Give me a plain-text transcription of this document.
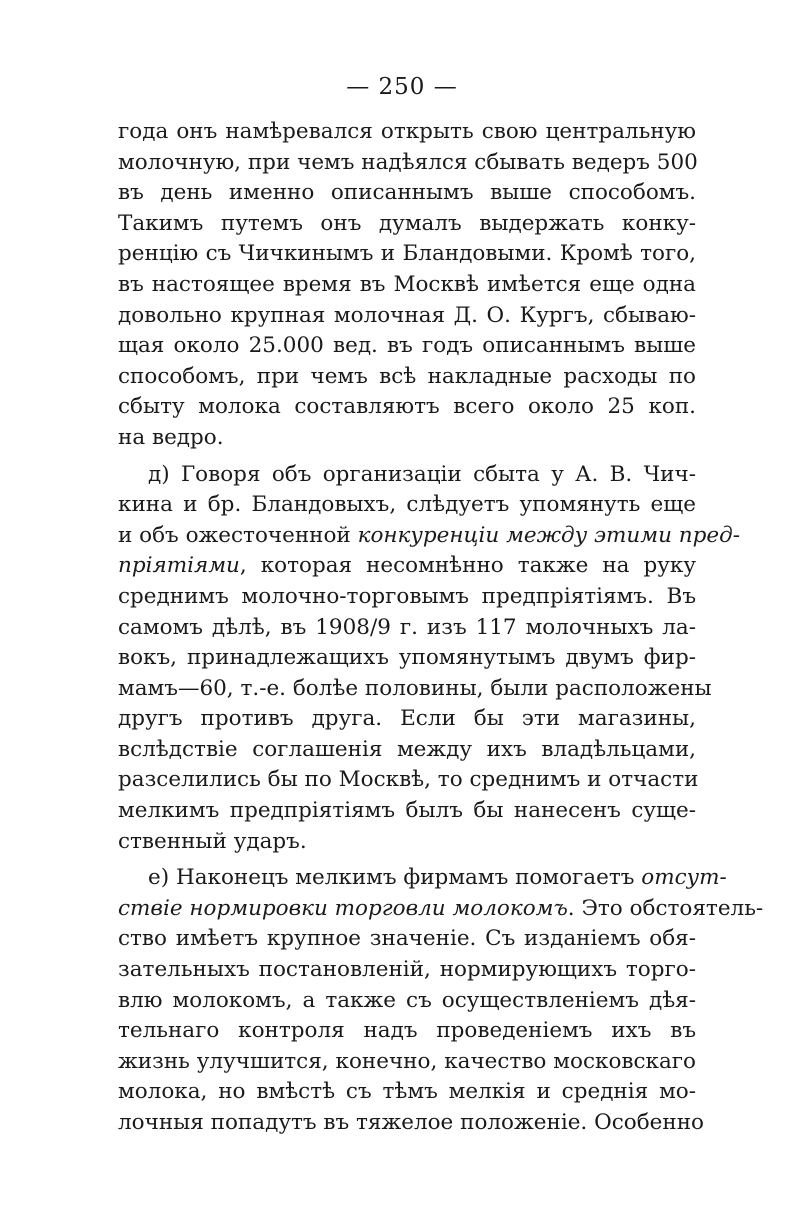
— 250 —
года онъ намѣревался открыть свою центральную
молочную, при чемъ надѣялся сбывать ведеръ 500
въ день именно описаннымъ выше способомъ.
Такимъ путемъ онъ думалъ выдержать конку-
ренцію съ Чичкинымъ и Бландовыми. Кромѣ того,
въ настоящее время въ Москвѣ имѣется еще одна
довольно крупная молочная Д. О. Кургъ, сбываю-
щая около 25.000 вед. въ годъ описаннымъ выше
способомъ, при чемъ всѣ накладные расходы по
сбыту молока составляютъ всего около 25 коп.
на ведро.
д) Говоря объ организаціи сбыта у А. В. Чич-
кина и бр. Бландовыхъ, слѣдуетъ упомянуть еще
и объ ожесточенной конкуренціи между этими пред-
пріятіями, которая несомнѣнно также на руку
среднимъ молочно-торговымъ предпріятіямъ. Въ
самомъ дѣлѣ, въ 1908/9 г. изъ 117 молочныхъ ла-
вокъ, принадлежащихъ упомянутымъ двумъ фир-
мамъ—60, т.-е. болѣе половины, были расположены
другъ противъ друга. Если бы эти магазины,
вслѣдствіе соглашенія между ихъ владѣльцами,
разселились бы по Москвѣ, то среднимъ и отчасти
мелкимъ предпріятіямъ былъ бы нанесенъ суще-
ственный ударъ.
е) Наконецъ мелкимъ фирмамъ помогаетъ отсут-
ствіе нормировки торговли молокомъ. Это обстоятель-
ство имѣетъ крупное значеніе. Съ изданіемъ обя-
зательныхъ постановленій, нормирующихъ торго-
влю молокомъ, а также съ осуществленіемъ дѣя-
тельнаго контроля надъ проведеніемъ ихъ въ
жизнь улучшится, конечно, качество московскаго
молока, но вмѣстѣ съ тѣмъ мелкія и среднія мо-
лочныя попадутъ въ тяжелое положеніе. Особенно
